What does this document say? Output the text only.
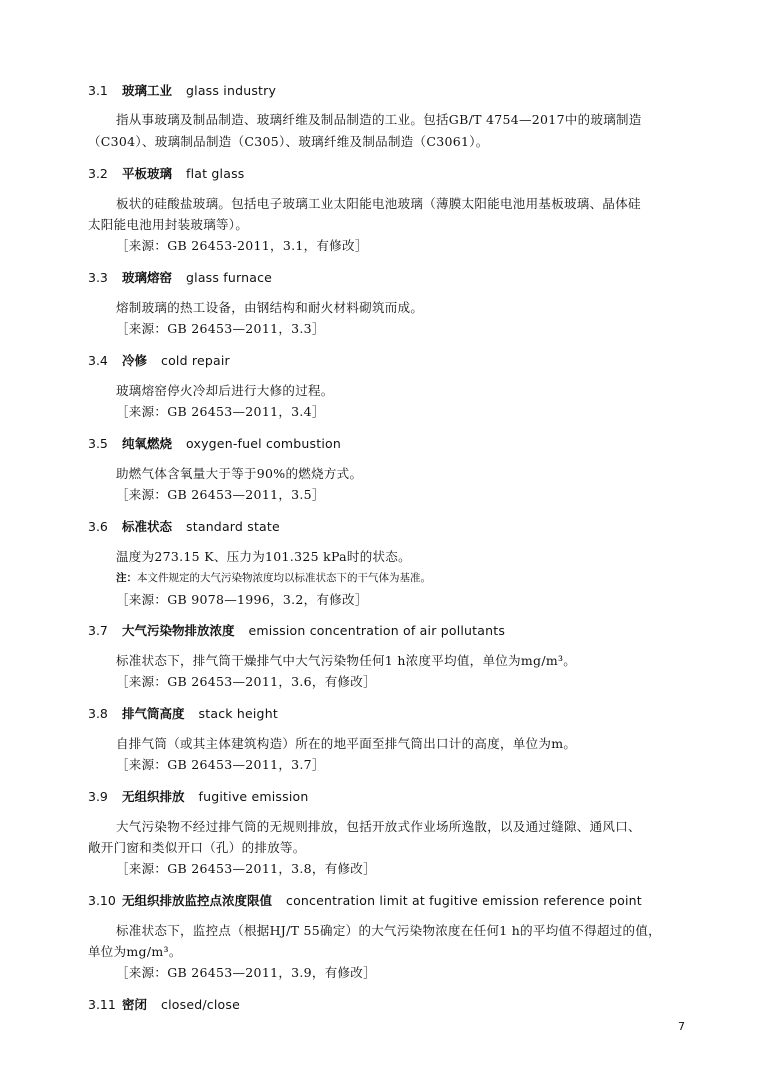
3.1 玻璃工业 glass industry
指从事玻璃及制品制造、玻璃纤维及制品制造的工业。包括GB/T 4754—2017中的玻璃制造
（C304）、玻璃制品制造（C305）、玻璃纤维及制品制造（C3061）。
3.2 平板玻璃 flat glass
板状的硅酸盐玻璃。包括电子玻璃工业太阳能电池玻璃（薄膜太阳能电池用基板玻璃、晶体硅
太阳能电池用封装玻璃等）。
［来源：GB 26453-2011，3.1，有修改］
3.3 玻璃熔窑 glass furnace
熔制玻璃的热工设备，由钢结构和耐火材料砌筑而成。
［来源：GB 26453—2011，3.3］
3.4 冷修 cold repair
玻璃熔窑停火冷却后进行大修的过程。
［来源：GB 26453—2011，3.4］
3.5 纯氧燃烧 oxygen-fuel combustion
助燃气体含氧量大于等于90%的燃烧方式。
［来源：GB 26453—2011，3.5］
3.6 标准状态 standard state
温度为273.15 K、压力为101.325 kPa时的状态。
注：本文件规定的大气污染物浓度均以标准状态下的干气体为基准。
［来源：GB 9078—1996，3.2，有修改］
3.7 大气污染物排放浓度 emission concentration of air pollutants
标准状态下，排气筒干燥排气中大气污染物任何1 h浓度平均值，单位为mg/m³。
［来源：GB 26453—2011，3.6，有修改］
3.8 排气筒高度 stack height
自排气筒（或其主体建筑构造）所在的地平面至排气筒出口计的高度，单位为m。
［来源：GB 26453—2011，3.7］
3.9 无组织排放 fugitive emission
大气污染物不经过排气筒的无规则排放，包括开放式作业场所逸散，以及通过缝隙、通风口、
敞开门窗和类似开口（孔）的排放等。
［来源：GB 26453—2011，3.8，有修改］
3.10 无组织排放监控点浓度限值 concentration limit at fugitive emission reference point
标准状态下，监控点（根据HJ/T 55确定）的大气污染物浓度在任何1 h的平均值不得超过的值，
单位为mg/m³。
［来源：GB 26453—2011，3.9，有修改］
3.11 密闭 closed/close
7
